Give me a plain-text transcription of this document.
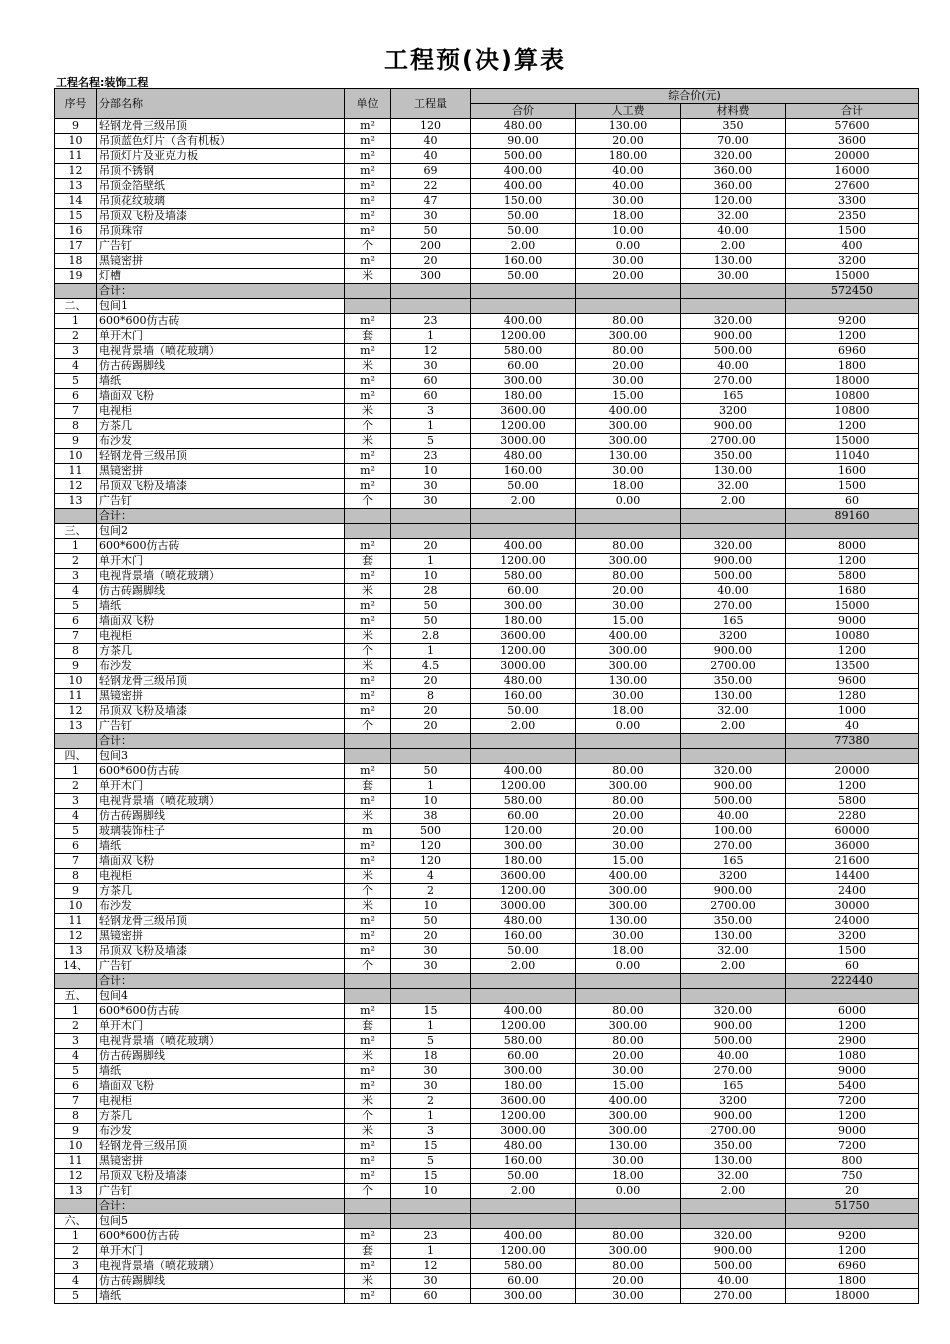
工程预(决)算表
工程名程:装饰工程
序号	分部名称	单位	工程量	综合价(元)			
				合价	人工费	材料费	合计
9	轻钢龙骨三级吊顶	m²	120	480.00	130.00	350	57600
10	吊顶蓝色灯片（含有机板）	m²	40	90.00	20.00	70.00	3600
11	吊顶灯片及亚克力板	m²	40	500.00	180.00	320.00	20000
12	吊顶不锈钢	m²	69	400.00	40.00	360.00	16000
13	吊顶金箔壁纸	m²	22	400.00	40.00	360.00	27600
14	吊顶花纹玻璃	m²	47	150.00	30.00	120.00	3300
15	吊顶双飞粉及墙漆	m²	30	50.00	18.00	32.00	2350
16	吊顶珠帘	m²	50	50.00	10.00	40.00	1500
17	广告钉	个	200	2.00	0.00	2.00	400
18	黑镜密拼	m²	20	160.00	30.00	130.00	3200
19	灯槽	米	300	50.00	20.00	30.00	15000
	合计：						572450
二、	包间1						
1	600*600仿古砖	m²	23	400.00	80.00	320.00	9200
2	单开木门	套	1	1200.00	300.00	900.00	1200
3	电视背景墙（喷花玻璃）	m²	12	580.00	80.00	500.00	6960
4	仿古砖踢脚线	米	30	60.00	20.00	40.00	1800
5	墙纸	m²	60	300.00	30.00	270.00	18000
6	墙面双飞粉	m²	60	180.00	15.00	165	10800
7	电视柜	米	3	3600.00	400.00	3200	10800
8	方茶几	个	1	1200.00	300.00	900.00	1200
9	布沙发	米	5	3000.00	300.00	2700.00	15000
10	轻钢龙骨三级吊顶	m²	23	480.00	130.00	350.00	11040
11	黑镜密拼	m²	10	160.00	30.00	130.00	1600
12	吊顶双飞粉及墙漆	m²	30	50.00	18.00	32.00	1500
13	广告钉	个	30	2.00	0.00	2.00	60
	合计：						89160
三、	包间2						
1	600*600仿古砖	m²	20	400.00	80.00	320.00	8000
2	单开木门	套	1	1200.00	300.00	900.00	1200
3	电视背景墙（喷花玻璃）	m²	10	580.00	80.00	500.00	5800
4	仿古砖踢脚线	米	28	60.00	20.00	40.00	1680
5	墙纸	m²	50	300.00	30.00	270.00	15000
6	墙面双飞粉	m²	50	180.00	15.00	165	9000
7	电视柜	米	2.8	3600.00	400.00	3200	10080
8	方茶几	个	1	1200.00	300.00	900.00	1200
9	布沙发	米	4.5	3000.00	300.00	2700.00	13500
10	轻钢龙骨三级吊顶	m²	20	480.00	130.00	350.00	9600
11	黑镜密拼	m²	8	160.00	30.00	130.00	1280
12	吊顶双飞粉及墙漆	m²	20	50.00	18.00	32.00	1000
13	广告钉	个	20	2.00	0.00	2.00	40
	合计：						77380
四、	包间3						
1	600*600仿古砖	m²	50	400.00	80.00	320.00	20000
2	单开木门	套	1	1200.00	300.00	900.00	1200
3	电视背景墙（喷花玻璃）	m²	10	580.00	80.00	500.00	5800
4	仿古砖踢脚线	米	38	60.00	20.00	40.00	2280
5	玻璃装饰柱子	m	500	120.00	20.00	100.00	60000
6	墙纸	m²	120	300.00	30.00	270.00	36000
7	墙面双飞粉	m²	120	180.00	15.00	165	21600
8	电视柜	米	4	3600.00	400.00	3200	14400
9	方茶几	个	2	1200.00	300.00	900.00	2400
10	布沙发	米	10	3000.00	300.00	2700.00	30000
11	轻钢龙骨三级吊顶	m²	50	480.00	130.00	350.00	24000
12	黑镜密拼	m²	20	160.00	30.00	130.00	3200
13	吊顶双飞粉及墙漆	m²	30	50.00	18.00	32.00	1500
14、	广告钉	个	30	2.00	0.00	2.00	60
	合计：						222440
五、	包间4						
1	600*600仿古砖	m²	15	400.00	80.00	320.00	6000
2	单开木门	套	1	1200.00	300.00	900.00	1200
3	电视背景墙（喷花玻璃）	m²	5	580.00	80.00	500.00	2900
4	仿古砖踢脚线	米	18	60.00	20.00	40.00	1080
5	墙纸	m²	30	300.00	30.00	270.00	9000
6	墙面双飞粉	m²	30	180.00	15.00	165	5400
7	电视柜	米	2	3600.00	400.00	3200	7200
8	方茶几	个	1	1200.00	300.00	900.00	1200
9	布沙发	米	3	3000.00	300.00	2700.00	9000
10	轻钢龙骨三级吊顶	m²	15	480.00	130.00	350.00	7200
11	黑镜密拼	m²	5	160.00	30.00	130.00	800
12	吊顶双飞粉及墙漆	m²	15	50.00	18.00	32.00	750
13	广告钉	个	10	2.00	0.00	2.00	20
	合计：						51750
六、	包间5						
1	600*600仿古砖	m²	23	400.00	80.00	320.00	9200
2	单开木门	套	1	1200.00	300.00	900.00	1200
3	电视背景墙（喷花玻璃）	m²	12	580.00	80.00	500.00	6960
4	仿古砖踢脚线	米	30	60.00	20.00	40.00	1800
5	墙纸	m²	60	300.00	30.00	270.00	18000
